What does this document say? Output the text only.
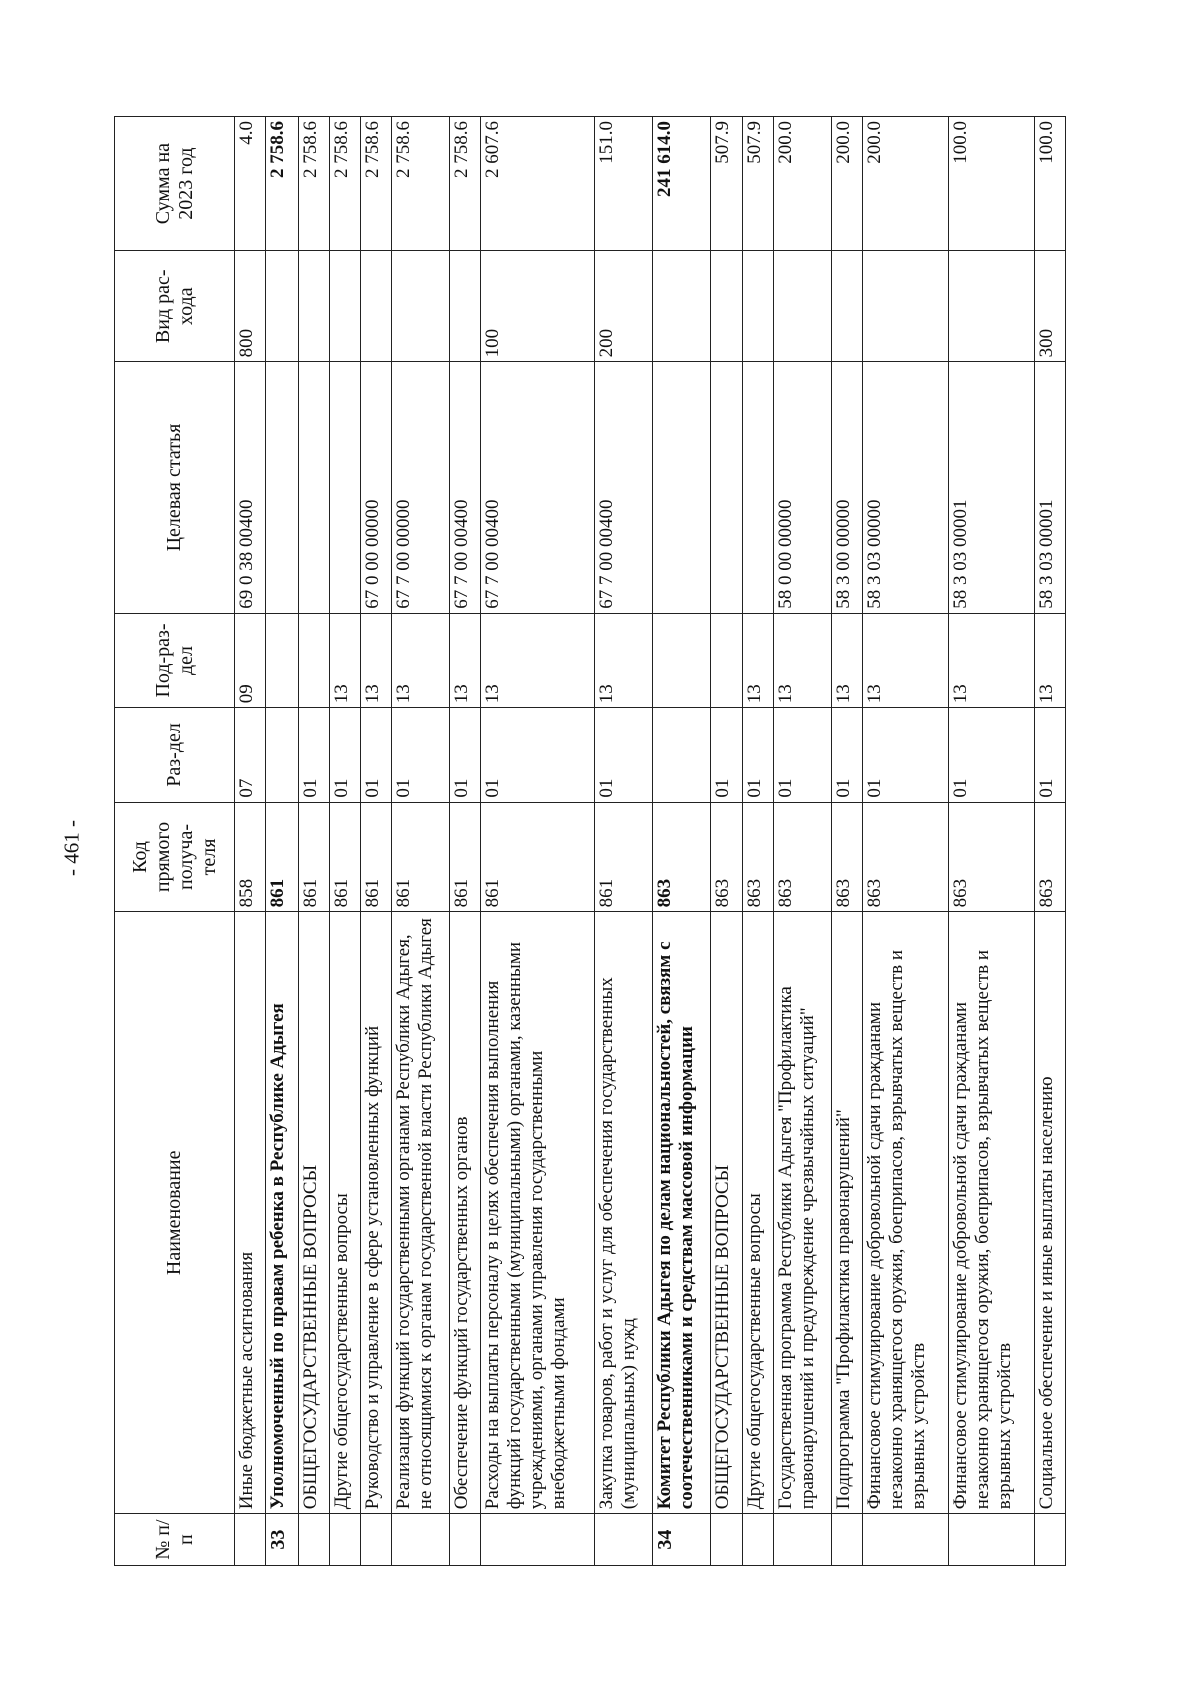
- 461 -
№ п/п	Наименование	Код прямого получа-теля	Раз-дел	Под-раз-дел	Целевая статья	Вид рас-хода	Сумма на 2023 год
	Иные бюджетные ассигнования	858	07	09	69 0 38 00400	800	4.0
33	Уполномоченный по правам ребенка в Республике Адыгея	861					2 758.6
	ОБЩЕГОСУДАРСТВЕННЫЕ ВОПРОСЫ	861	01				2 758.6
	Другие общегосударственные вопросы	861	01	13			2 758.6
	Руководство и управление в сфере установленных функций	861	01	13	67 0 00 00000		2 758.6
	Реализация функций государственными органами Республики Адыгея, не относящимися к органам государственной власти Республики Адыгея	861	01	13	67 7 00 00000		2 758.6
	Обеспечение функций государственных органов	861	01	13	67 7 00 00400		2 758.6
	Расходы на выплаты персоналу в целях обеспечения выполнения функций государственными (муниципальными) органами, казенными учреждениями, органами управления государственными внебюджетными фондами	861	01	13	67 7 00 00400	100	2 607.6
	Закупка товаров, работ и услуг для обеспечения государственных (муниципальных) нужд	861	01	13	67 7 00 00400	200	151.0
34	Комитет Республики Адыгея по делам национальностей, связям с соотечественниками и средствам массовой информации	863					241 614.0
	ОБЩЕГОСУДАРСТВЕННЫЕ ВОПРОСЫ	863	01				507.9
	Другие общегосударственные вопросы	863	01	13			507.9
	Государственная программа Республики Адыгея "Профилактика правонарушений и предупреждение чрезвычайных ситуаций"	863	01	13	58 0 00 00000		200.0
	Подпрограмма "Профилактика правонарушений"	863	01	13	58 3 00 00000		200.0
	Финансовое стимулирование добровольной сдачи гражданами незаконно хранящегося оружия, боеприпасов, взрывчатых веществ и взрывных устройств	863	01	13	58 3 03 00000		200.0
	Финансовое стимулирование добровольной сдачи гражданами незаконно хранящегося оружия, боеприпасов, взрывчатых веществ и взрывных устройств	863	01	13	58 3 03 00001		100.0
	Социальное обеспечение и иные выплаты населению	863	01	13	58 3 03 00001	300	100.0
